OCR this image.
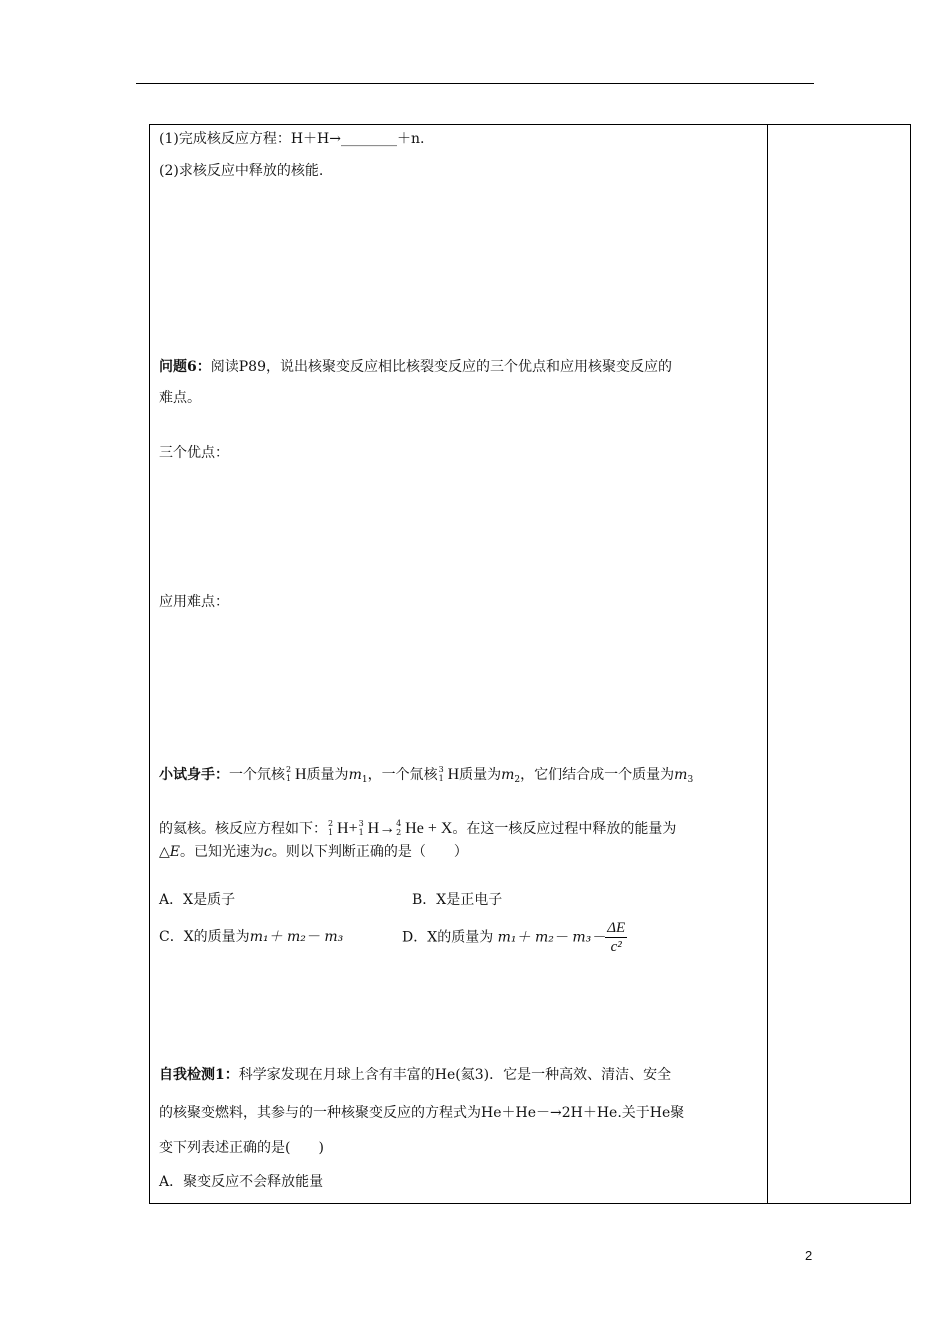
(1)完成核反应方程：H＋H→________＋n.
(2)求核反应中释放的核能.
问题6：阅读P89，说出核聚变反应相比核裂变反应的三个优点和应用核聚变反应的
难点。
三个优点：
应用难点：
小试身手：一个氘核 2
1 H质量为$m_1$，一个氚核 3
1 H质量为$m_2$，它们结合成一个质量为$m_3$
的氦核。核反应方程如下： 2
1 H+ 3
1 H→ 4
2 He + X。在这一核反应过程中释放的能量为
△E。已知光速为c。则以下判断正确的是（　　）
A．X是质子	B．X是正电子
C．X的质量为m₁＋ m₂－ m₃	D．X的质量为 $m_1+ m_2- m_3- \frac{\Delta E}{\text{c²}}$
自我检测1：科学家发现在月球上含有丰富的He(氦3)．它是一种高效、清洁、安全
的核聚变燃料，其参与的一种核聚变反应的方程式为He＋He－→2H＋He.关于He聚
变下列表述正确的是(　　)
A．聚变反应不会释放能量
2
